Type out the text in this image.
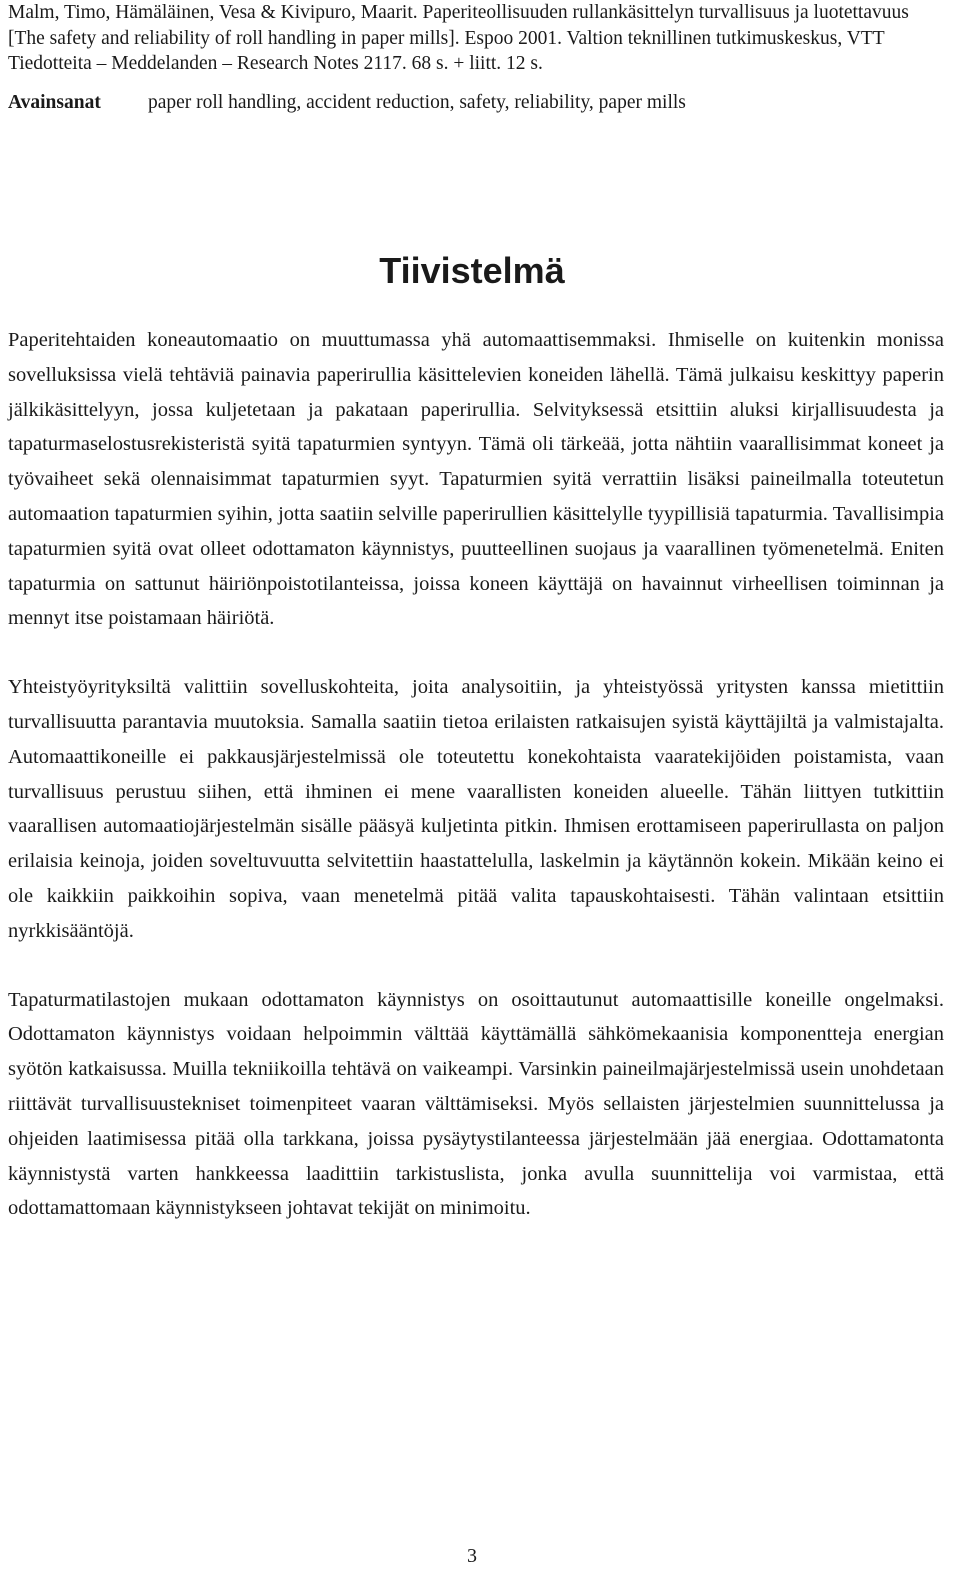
Malm, Timo, Hämäläinen, Vesa & Kivipuro, Maarit. Paperiteollisuuden rullankäsittelyn turvallisuus ja luotettavuus [The safety and reliability of roll handling in paper mills]. Espoo 2001. Valtion teknillinen tutkimuskeskus, VTT Tiedotteita – Meddelanden – Research Notes 2117. 68 s. + liitt. 12 s.

Avainsanat	paper roll handling, accident reduction, safety, reliability, paper mills
Tiivistelmä

Paperitehtaiden koneautomaatio on muuttumassa yhä automaattisemmaksi. Ihmiselle on kuitenkin monissa sovelluksissa vielä tehtäviä painavia paperirullia käsittelevien koneiden lähellä. Tämä julkaisu keskittyy paperin jälkikäsittelyyn, jossa kuljetetaan ja pakataan paperirullia. Selvityksessä etsittiin aluksi kirjallisuudesta ja tapaturmaselostusrekisteristä syitä tapaturmien syntyyn. Tämä oli tärkeää, jotta nähtiin vaarallisimmat koneet ja työvaiheet sekä olennaisimmat tapaturmien syyt. Tapaturmien syitä verrattiin lisäksi paineilmalla toteutetun automaation tapaturmien syihin, jotta saatiin selville paperirullien käsittelylle tyypillisiä tapaturmia. Tavallisimpia tapaturmien syitä ovat olleet odottamaton käynnistys, puutteellinen suojaus ja vaarallinen työmenetelmä. Eniten tapaturmia on sattunut häiriönpoistotilanteissa, joissa koneen käyttäjä on havainnut virheellisen toiminnan ja mennyt itse poistamaan häiriötä.

Yhteistyöyrityksiltä valittiin sovelluskohteita, joita analysoitiin, ja yhteistyössä yritysten kanssa mietittiin turvallisuutta parantavia muutoksia. Samalla saatiin tietoa erilaisten ratkaisujen syistä käyttäjiltä ja valmistajalta. Automaattikoneille ei pakkausjärjestelmissä ole toteutettu konekohtaista vaaratekijöiden poistamista, vaan turvallisuus perustuu siihen, että ihminen ei mene vaarallisten koneiden alueelle. Tähän liittyen tutkittiin vaarallisen automaatiojärjestelmän sisälle pääsyä kuljetinta pitkin. Ihmisen erottamiseen paperirullasta on paljon erilaisia keinoja, joiden soveltuvuutta selvitettiin haastattelulla, laskelmin ja käytännön kokein. Mikään keino ei ole kaikkiin paikkoihin sopiva, vaan menetelmä pitää valita tapauskohtaisesti. Tähän valintaan etsittiin nyrkkisääntöjä.

Tapaturmatilastojen mukaan odottamaton käynnistys on osoittautunut automaattisille koneille ongelmaksi. Odottamaton käynnistys voidaan helpoimmin välttää käyttämällä sähkömekaanisia komponentteja energian syötön katkaisussa. Muilla tekniikoilla tehtävä on vaikeampi. Varsinkin paineilmajärjestelmissä usein unohdetaan riittävät turvallisuustekniset toimenpiteet vaaran välttämiseksi. Myös sellaisten järjestelmien suunnittelussa ja ohjeiden laatimisessa pitää olla tarkkana, joissa pysäytystilanteessa järjestelmään jää energiaa. Odottamatonta käynnistystä varten hankkeessa laadittiin tarkistuslista, jonka avulla suunnittelija voi varmistaa, että odottamattomaan käynnistykseen johtavat tekijät on minimoitu.

3
